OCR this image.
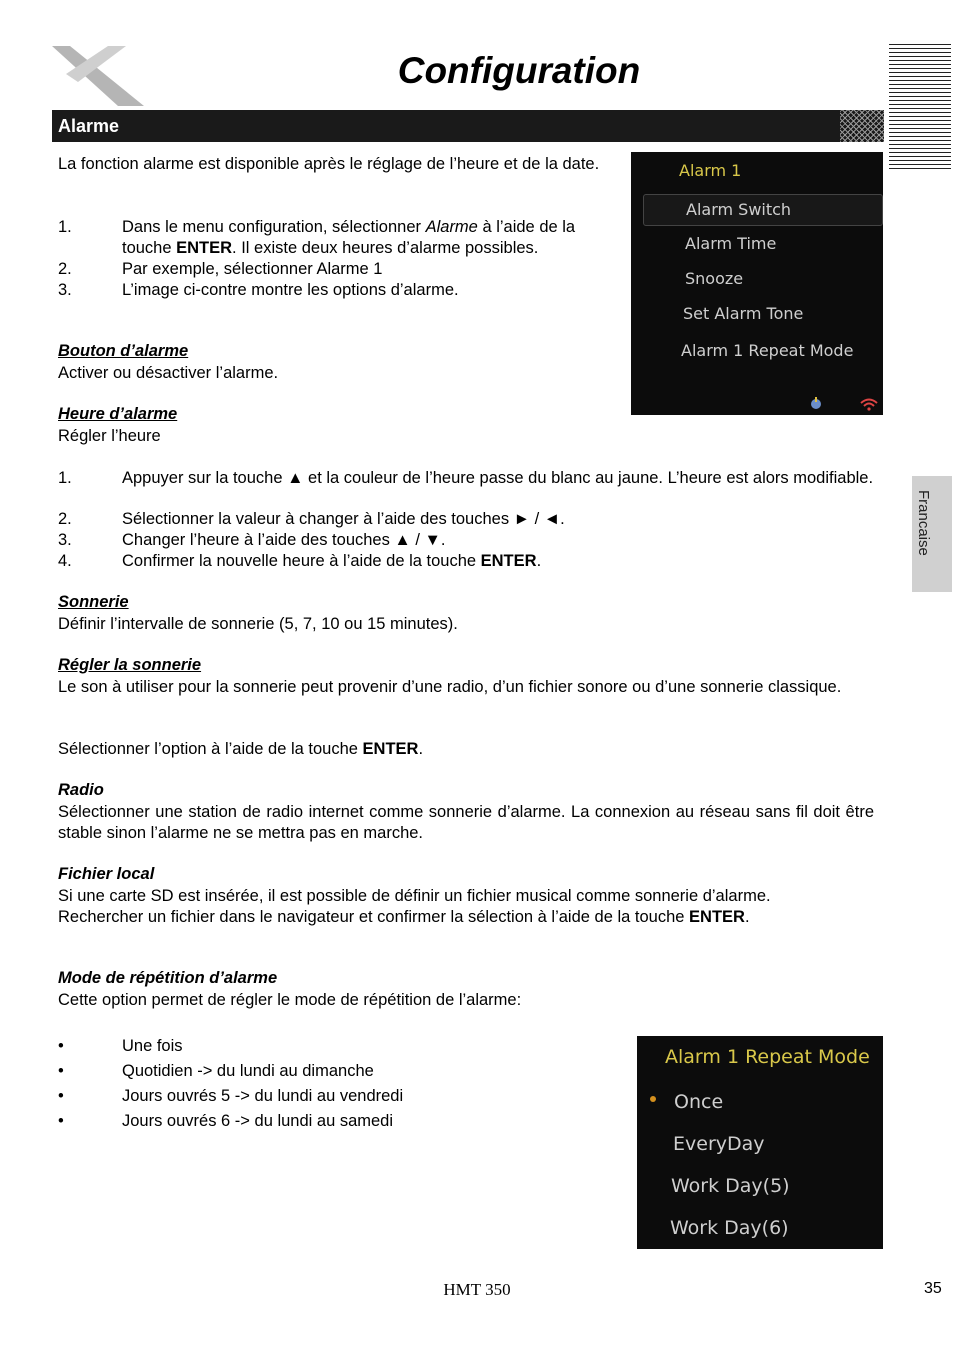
Configuration
Alarme
La fonction alarme est disponible après le réglage de l’heure et de la date.
1.	Dans le menu configuration, sélectionner Alarme à l’aide de la touche ENTER. Il existe deux heures d’alarme possibles.
2.	Par exemple, sélectionner Alarme 1
3.	L’image ci-contre montre les options d’alarme.
Bouton d’alarme
Activer ou désactiver l’alarme.
Heure d’alarme
Régler l’heure
1.	Appuyer sur la touche ▲ et la couleur de l’heure passe du blanc au jaune. L’heure est alors modifiable.
2.	Sélectionner la valeur à changer à l’aide des touches ► / ◄.
3.	Changer l’heure à l’aide des touches ▲ / ▼.
4.	Confirmer la nouvelle heure à l’aide de la touche ENTER.
Sonnerie
Définir l’intervalle de sonnerie (5, 7, 10 ou 15 minutes).
Régler la sonnerie
Le son à utiliser pour la sonnerie peut provenir d’une radio, d’un fichier sonore ou d’une sonnerie classique.
Sélectionner l’option à l’aide de la touche ENTER.
Radio
Sélectionner une station de radio internet comme sonnerie d’alarme. La connexion au réseau sans fil doit être stable sinon l’alarme ne se mettra pas en marche.
Fichier local
Si une carte SD est insérée, il est possible de définir un fichier musical comme sonnerie d’alarme.
Rechercher un fichier dans le navigateur et confirmer la sélection à l’aide de la touche ENTER.
Mode de répétition d’alarme
Cette option permet de régler le mode de répétition de l’alarme:
•	Une fois
•	Quotidien -> du lundi au dimanche
•	Jours ouvrés 5 -> du lundi au vendredi
•	Jours ouvrés 6 -> du lundi au samedi
Alarm 1
Alarm Switch
Alarm Time
Snooze
Set Alarm Tone
Alarm 1 Repeat Mode
Alarm 1 Repeat Mode
Once
EveryDay
Work Day(5)
Work Day(6)
Francaise
HMT 350	35
